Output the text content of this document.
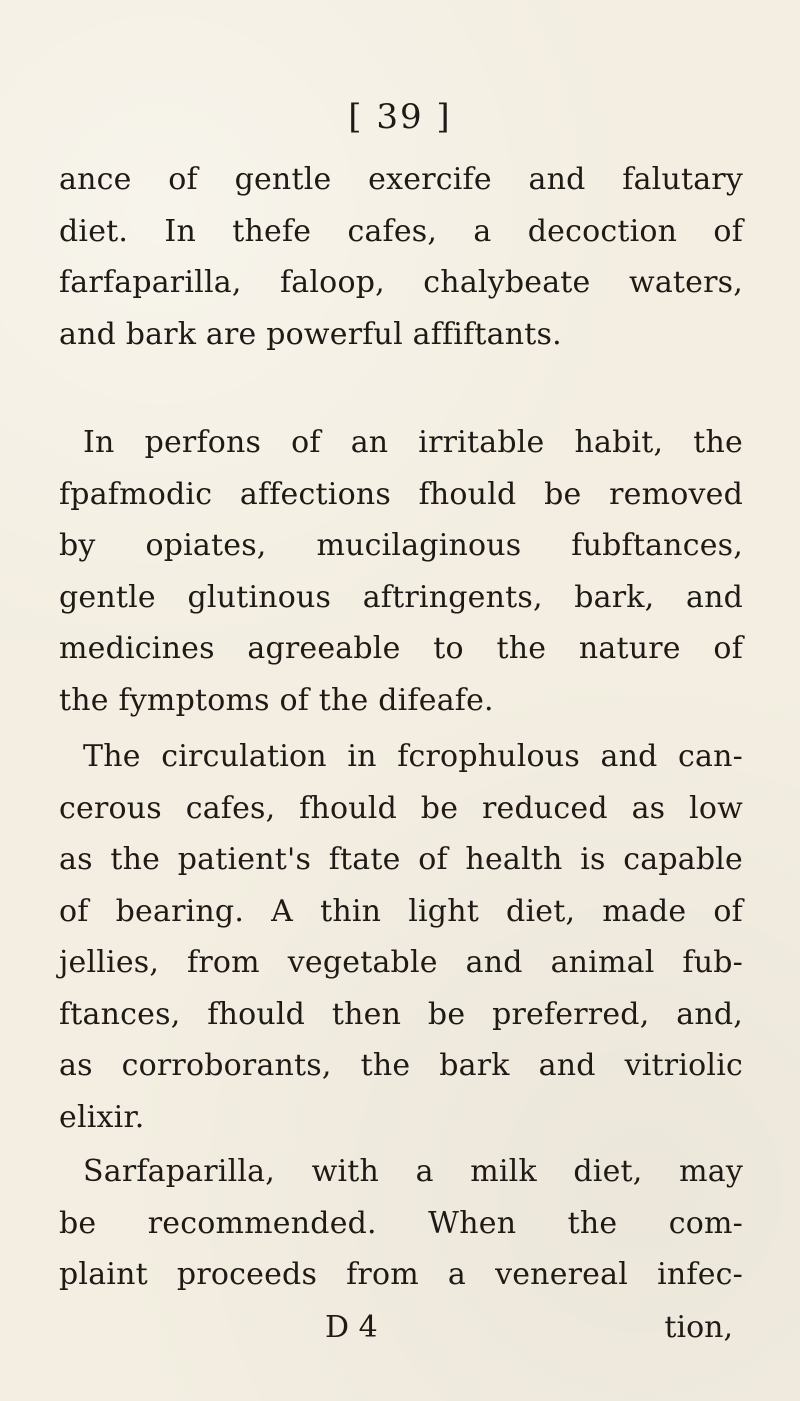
[ 39 ]
ance of gentle exercife and falutary
diet. In thefe cafes, a decoction of
farfaparilla, faloop, chalybeate waters,
and bark are powerful affiftants.
In perfons of an irritable habit, the
fpafmodic affections fhould be removed
by opiates, mucilaginous fubftances,
gentle glutinous aftringents, bark, and
medicines agreeable to the nature of
the fymptoms of the difeafe.
The circulation in fcrophulous and can-
cerous cafes, fhould be reduced as low
as the patient's ftate of health is capable
of bearing. A thin light diet, made of
jellies, from vegetable and animal fub-
ftances, fhould then be preferred, and,
as corroborants, the bark and vitriolic
elixir.
Sarfaparilla, with a milk diet, may
be recommended. When the com-
plaint proceeds from a venereal infec-
D 4	tion,
